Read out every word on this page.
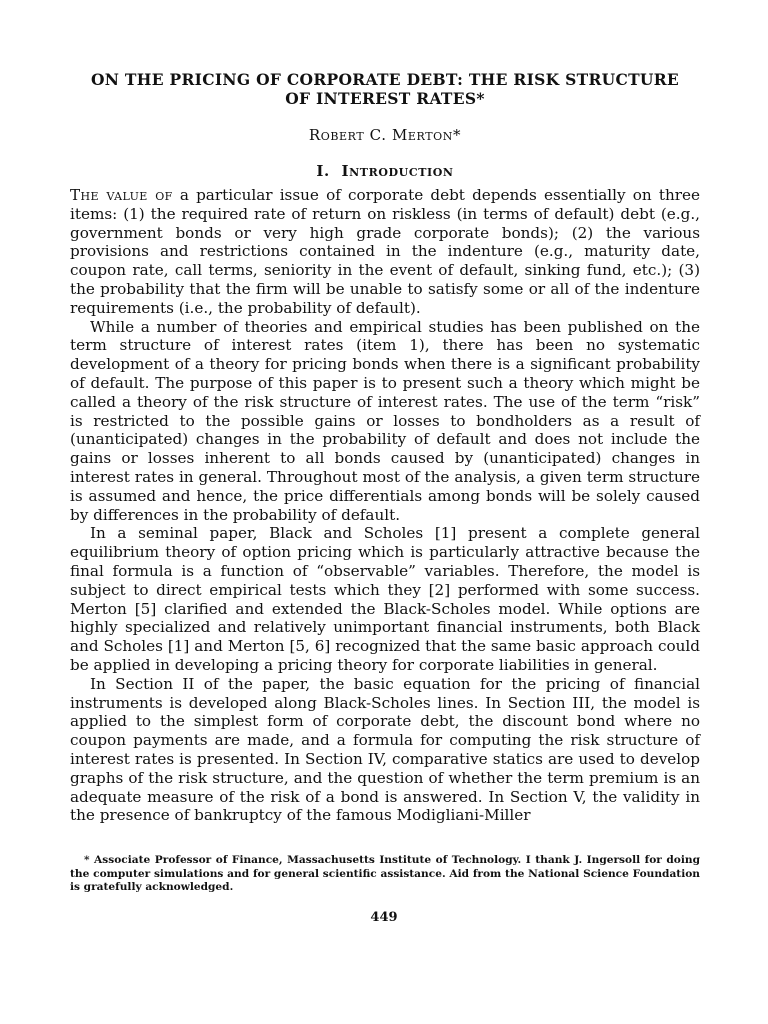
ON THE PRICING OF CORPORATE DEBT: THE RISK STRUCTURE
OF INTEREST RATES*

Robert C. Merton*

I. Introduction

The value of a particular issue of corporate debt depends essentially on three items: (1) the required rate of return on riskless (in terms of default) debt (e.g., government bonds or very high grade corporate bonds); (2) the various provisions and restrictions contained in the indenture (e.g., maturity date, coupon rate, call terms, seniority in the event of default, sinking fund, etc.); (3) the probability that the firm will be unable to satisfy some or all of the indenture requirements (i.e., the probability of default).

While a number of theories and empirical studies has been published on the term structure of interest rates (item 1), there has been no systematic development of a theory for pricing bonds when there is a significant probability of default. The purpose of this paper is to present such a theory which might be called a theory of the risk structure of interest rates. The use of the term “risk” is restricted to the possible gains or losses to bondholders as a result of (unanticipated) changes in the probability of default and does not include the gains or losses inherent to all bonds caused by (unanticipated) changes in interest rates in general. Throughout most of the analysis, a given term structure is assumed and hence, the price differentials among bonds will be solely caused by differences in the probability of default.

In a seminal paper, Black and Scholes [1] present a complete general equilibrium theory of option pricing which is particularly attractive because the final formula is a function of “observable” variables. Therefore, the model is subject to direct empirical tests which they [2] performed with some success. Merton [5] clarified and extended the Black-Scholes model. While options are highly specialized and relatively unimportant financial instruments, both Black and Scholes [1] and Merton [5, 6] recognized that the same basic approach could be applied in developing a pricing theory for corporate liabilities in general.

In Section II of the paper, the basic equation for the pricing of financial instruments is developed along Black-Scholes lines. In Section III, the model is applied to the simplest form of corporate debt, the discount bond where no coupon payments are made, and a formula for computing the risk structure of interest rates is presented. In Section IV, comparative statics are used to develop graphs of the risk structure, and the question of whether the term premium is an adequate measure of the risk of a bond is answered. In Section V, the validity in the presence of bankruptcy of the famous Modigliani-Miller

* Associate Professor of Finance, Massachusetts Institute of Technology. I thank J. Ingersoll for doing the computer simulations and for general scientific assistance. Aid from the National Science Foundation is gratefully acknowledged.

449
